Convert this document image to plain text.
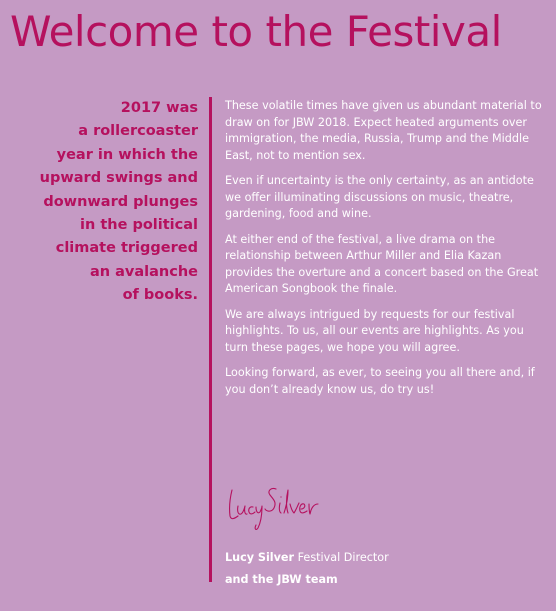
Welcome to the Festival
2017 was
a rollercoaster
year in which the
upward swings and
downward plunges
in the political
climate triggered
an avalanche
of books.

These volatile times have given us abundant material to draw on for JBW 2018. Expect heated arguments over immigration, the media, Russia, Trump and the Middle East, not to mention sex.

Even if uncertainty is the only certainty, as an antidote we offer illuminating discussions on music, theatre, gardening, food and wine.

At either end of the festival, a live drama on the relationship between Arthur Miller and Elia Kazan provides the overture and a concert based on the Great American Songbook the finale.

We are always intrigued by requests for our festival highlights. To us, all our events are highlights. As you turn these pages, we hope you will agree.

Looking forward, as ever, to seeing you all there and, if you don’t already know us, do try us!

Lucy Silver Festival Director
and the JBW team
